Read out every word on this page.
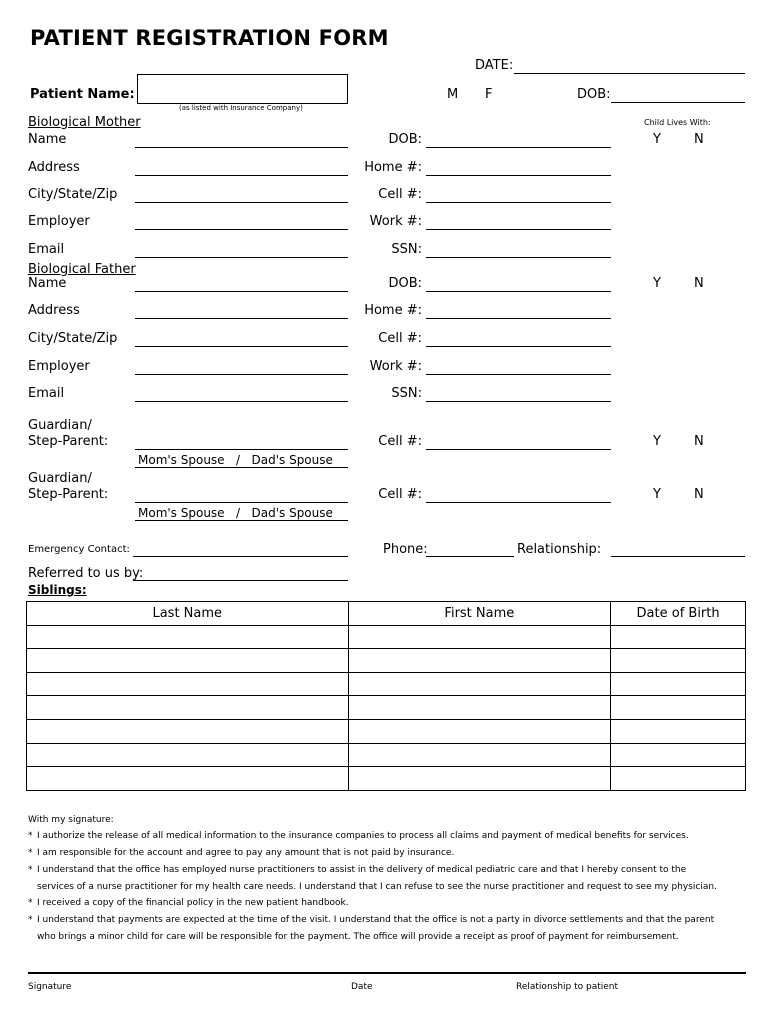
PATIENT REGISTRATION FORM
DATE:
Patient Name:
(as listed with Insurance Company)
M F	DOB:
Biological Mother	Child Lives With:
Name	DOB:	Y	N
Address	Home #:
City/State/Zip	Cell #:
Employer	Work #:
Email	SSN:
Biological Father
Name	DOB:	Y	N
Address	Home #:
City/State/Zip	Cell #:
Employer	Work #:
Email	SSN:
Guardian/
Step-Parent:	Cell #:	Y	N
Mom's Spouse   /   Dad's Spouse
Guardian/
Step-Parent:	Cell #:	Y	N
Mom's Spouse   /   Dad's Spouse
Emergency Contact:	Phone:	Relationship:
Referred to us by:
Siblings:
Last Name	First Name	Date of Birth

With my signature:
* I authorize the release of all medical information to the insurance companies to process all claims and payment of medical benefits for services.
* I am responsible for the account and agree to pay any amount that is not paid by insurance.
* I understand that the office has employed nurse practitioners to assist in the delivery of medical pediatric care and that I hereby consent to the
services of a nurse practitioner for my health care needs. I understand that I can refuse to see the nurse practitioner and request to see my physician.
* I received a copy of the financial policy in the new patient handbook.
* I understand that payments are expected at the time of the visit. I understand that the office is not a party in divorce settlements and that the parent
who brings a minor child for care will be responsible for the payment. The office will provide a receipt as proof of payment for reimbursement.
Signature	Date	Relationship to patient
